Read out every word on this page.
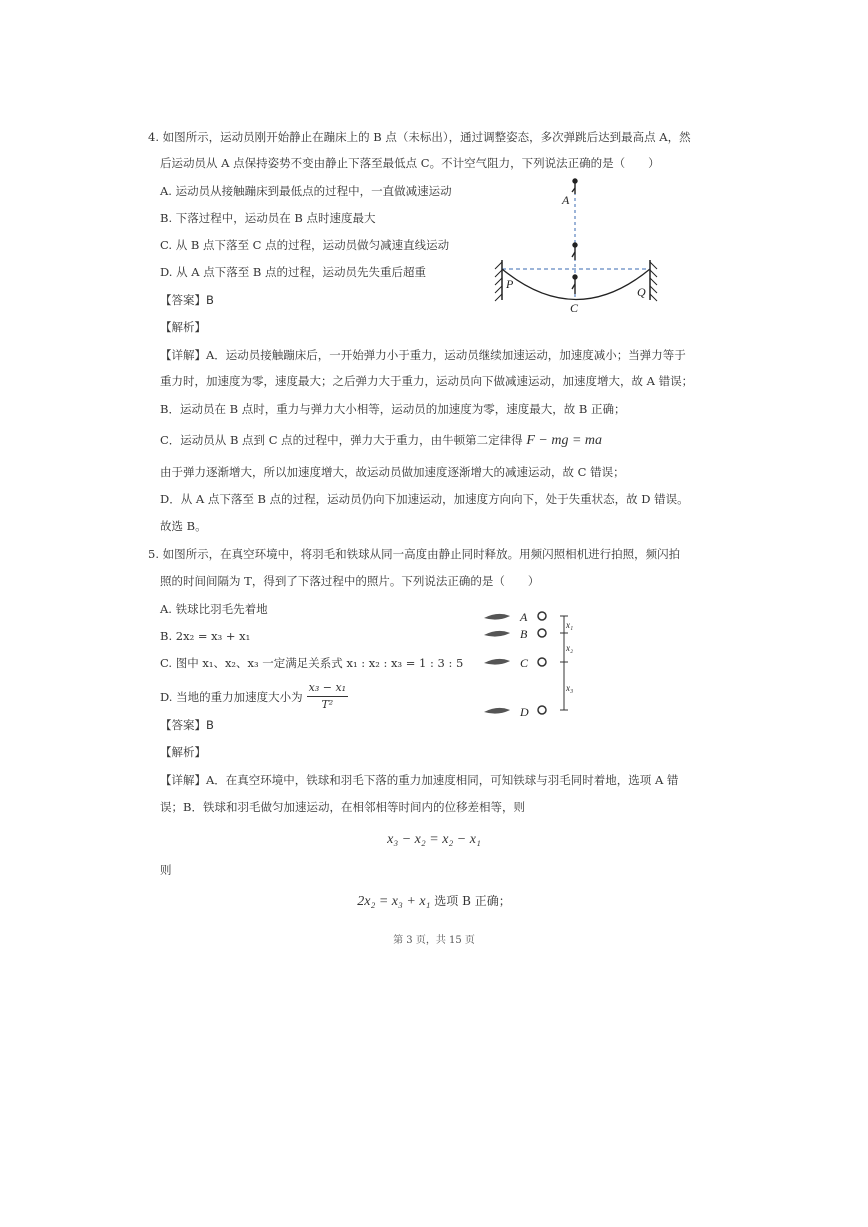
4. 如图所示，运动员刚开始静止在蹦床上的 B 点（未标出），通过调整姿态，多次弹跳后达到最高点 A，然
后运动员从 A 点保持姿势不变由静止下落至最低点 C。不计空气阻力，下列说法正确的是（　　）
A. 运动员从接触蹦床到最低点的过程中，一直做减速运动
B. 下落过程中，运动员在 B 点时速度最大
C. 从 B 点下落至 C 点的过程，运动员做匀减速直线运动
D. 从 A 点下落至 B 点的过程，运动员先失重后超重
【答案】B
【解析】
A
P
Q
C
【详解】A．运动员接触蹦床后，一开始弹力小于重力，运动员继续加速运动，加速度减小；当弹力等于
重力时，加速度为零，速度最大；之后弹力大于重力，运动员向下做减速运动，加速度增大，故 A 错误；
B．运动员在 B 点时，重力与弹力大小相等，运动员的加速度为零，速度最大，故 B 正确；
C．运动员从 B 点到 C 点的过程中，弹力大于重力，由牛顿第二定律得 F − mg = ma
由于弹力逐渐增大，所以加速度增大，故运动员做加速度逐渐增大的减速运动，故 C 错误；
D．从 A 点下落至 B 点的过程，运动员仍向下加速运动，加速度方向向下，处于失重状态，故 D 错误。
故选 B。
5. 如图所示，在真空环境中，将羽毛和铁球从同一高度由静止同时释放。用频闪照相机进行拍照，频闪拍
照的时间间隔为 T，得到了下落过程中的照片。下列说法正确的是（　　）
A. 铁球比羽毛先着地
B. 2x₂ = x₃ + x₁
C. 图中 x₁、x₂、x₃ 一定满足关系式 x₁ : x₂ : x₃ = 1 : 3 : 5
D. 当地的重力加速度大小为 $\frac{\text{x₃ − x₁}}{\text{T²}}$
【答案】B
【解析】
A
B
C
D
x₁
x₂
x₃
【详解】A．在真空环境中，铁球和羽毛下落的重力加速度相同，可知铁球与羽毛同时着地，选项 A 错
误；B．铁球和羽毛做匀加速运动，在相邻相等时间内的位移差相等，则
x₃ − x₂ = x₂ − x₁
则
2x₂ = x₃ + x₁ 选项 B 正确；
第 3 页，共 15 页
